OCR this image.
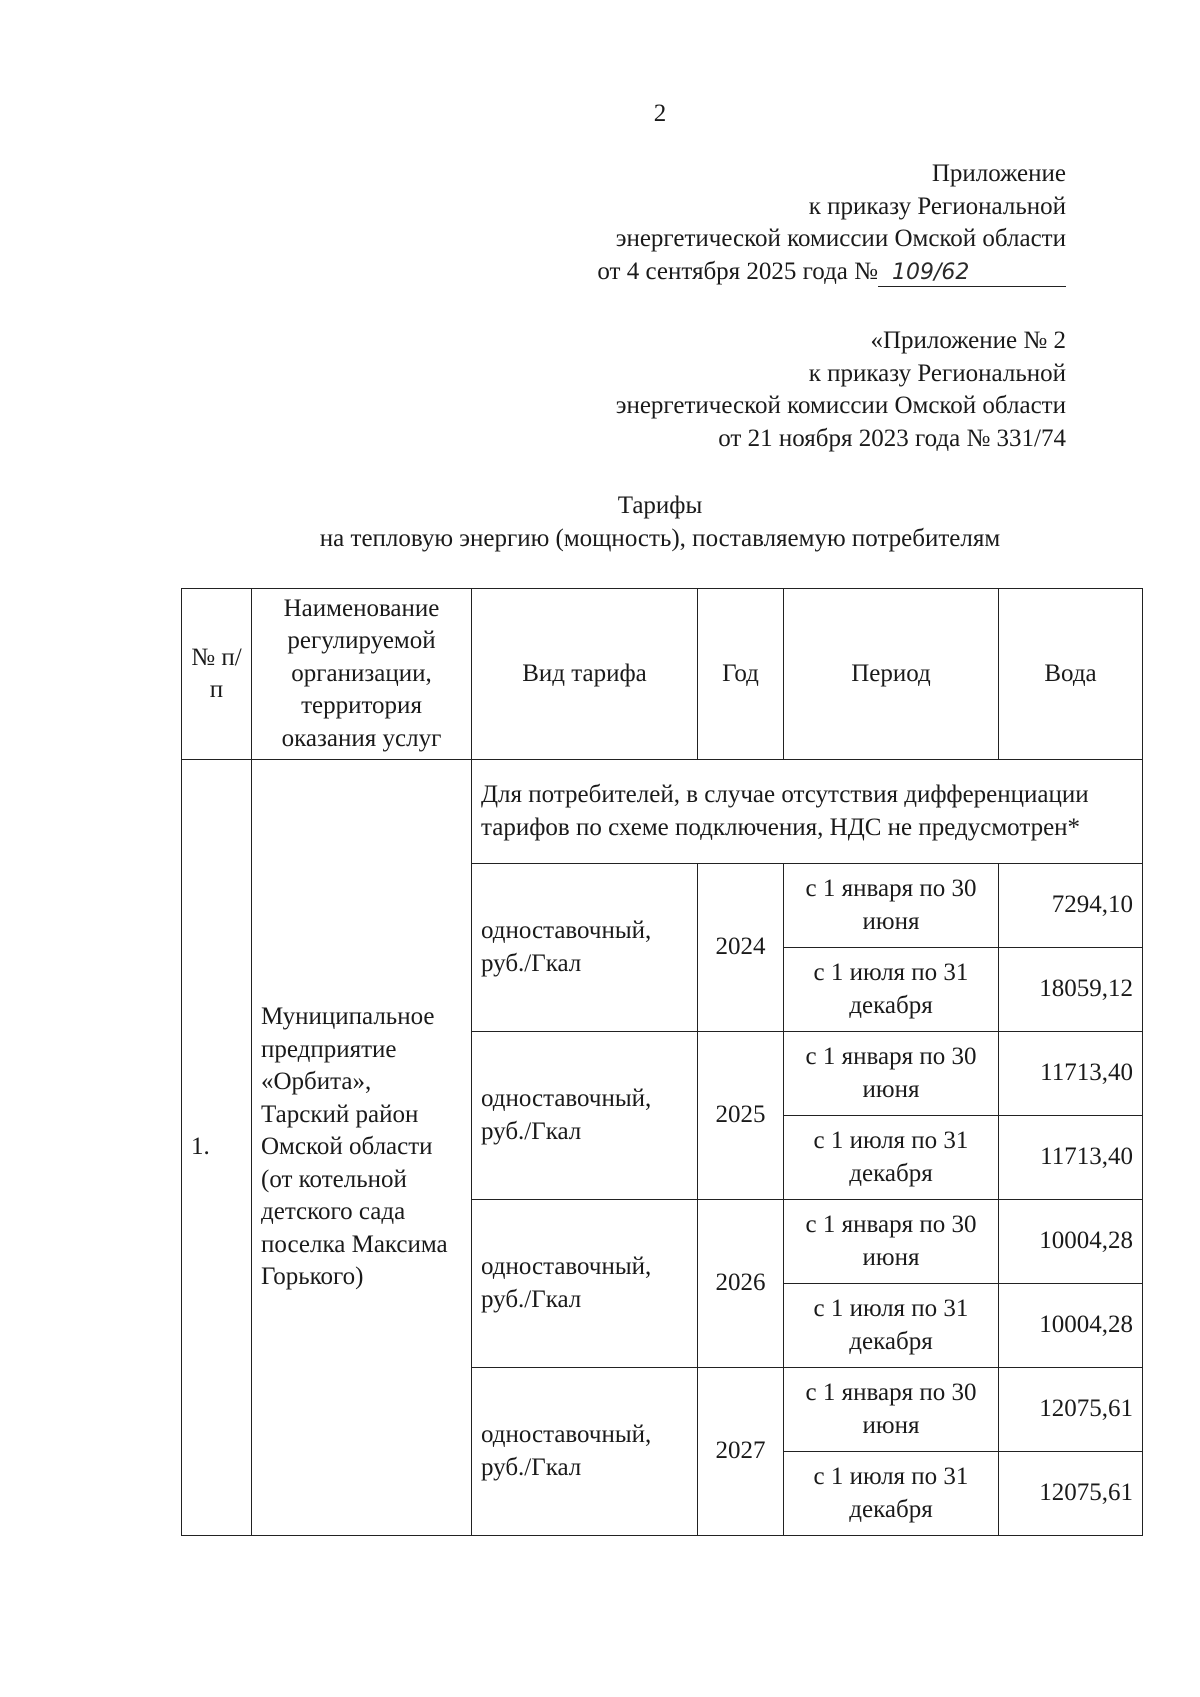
2
Приложение
к приказу Региональной
энергетической комиссии Омской области
от 4 сентября 2025 года № 109/62
«Приложение № 2
к приказу Региональной
энергетической комиссии Омской области
от 21 ноября 2023 года № 331/74
Тарифы
на тепловую энергию (мощность), поставляемую потребителям
№ п/п	Наименование регулируемой организации, территория оказания услуг	Вид тарифа	Год	Период	Вода
1.	Муниципальное предприятие «Орбита», Тарский район Омской области (от котельной детского сада поселка Максима Горького)	Для потребителей, в случае отсутствия дифференциации тарифов по схеме подключения, НДС не предусмотрен*			
		одноставочный, руб./Гкал	2024	с 1 января по 30 июня	7294,10
				с 1 июля по 31 декабря	18059,12
		одноставочный, руб./Гкал	2025	с 1 января по 30 июня	11713,40
				с 1 июля по 31 декабря	11713,40
		одноставочный, руб./Гкал	2026	с 1 января по 30 июня	10004,28
				с 1 июля по 31 декабря	10004,28
		одноставочный, руб./Гкал	2027	с 1 января по 30 июня	12075,61
				с 1 июля по 31 декабря	12075,61
